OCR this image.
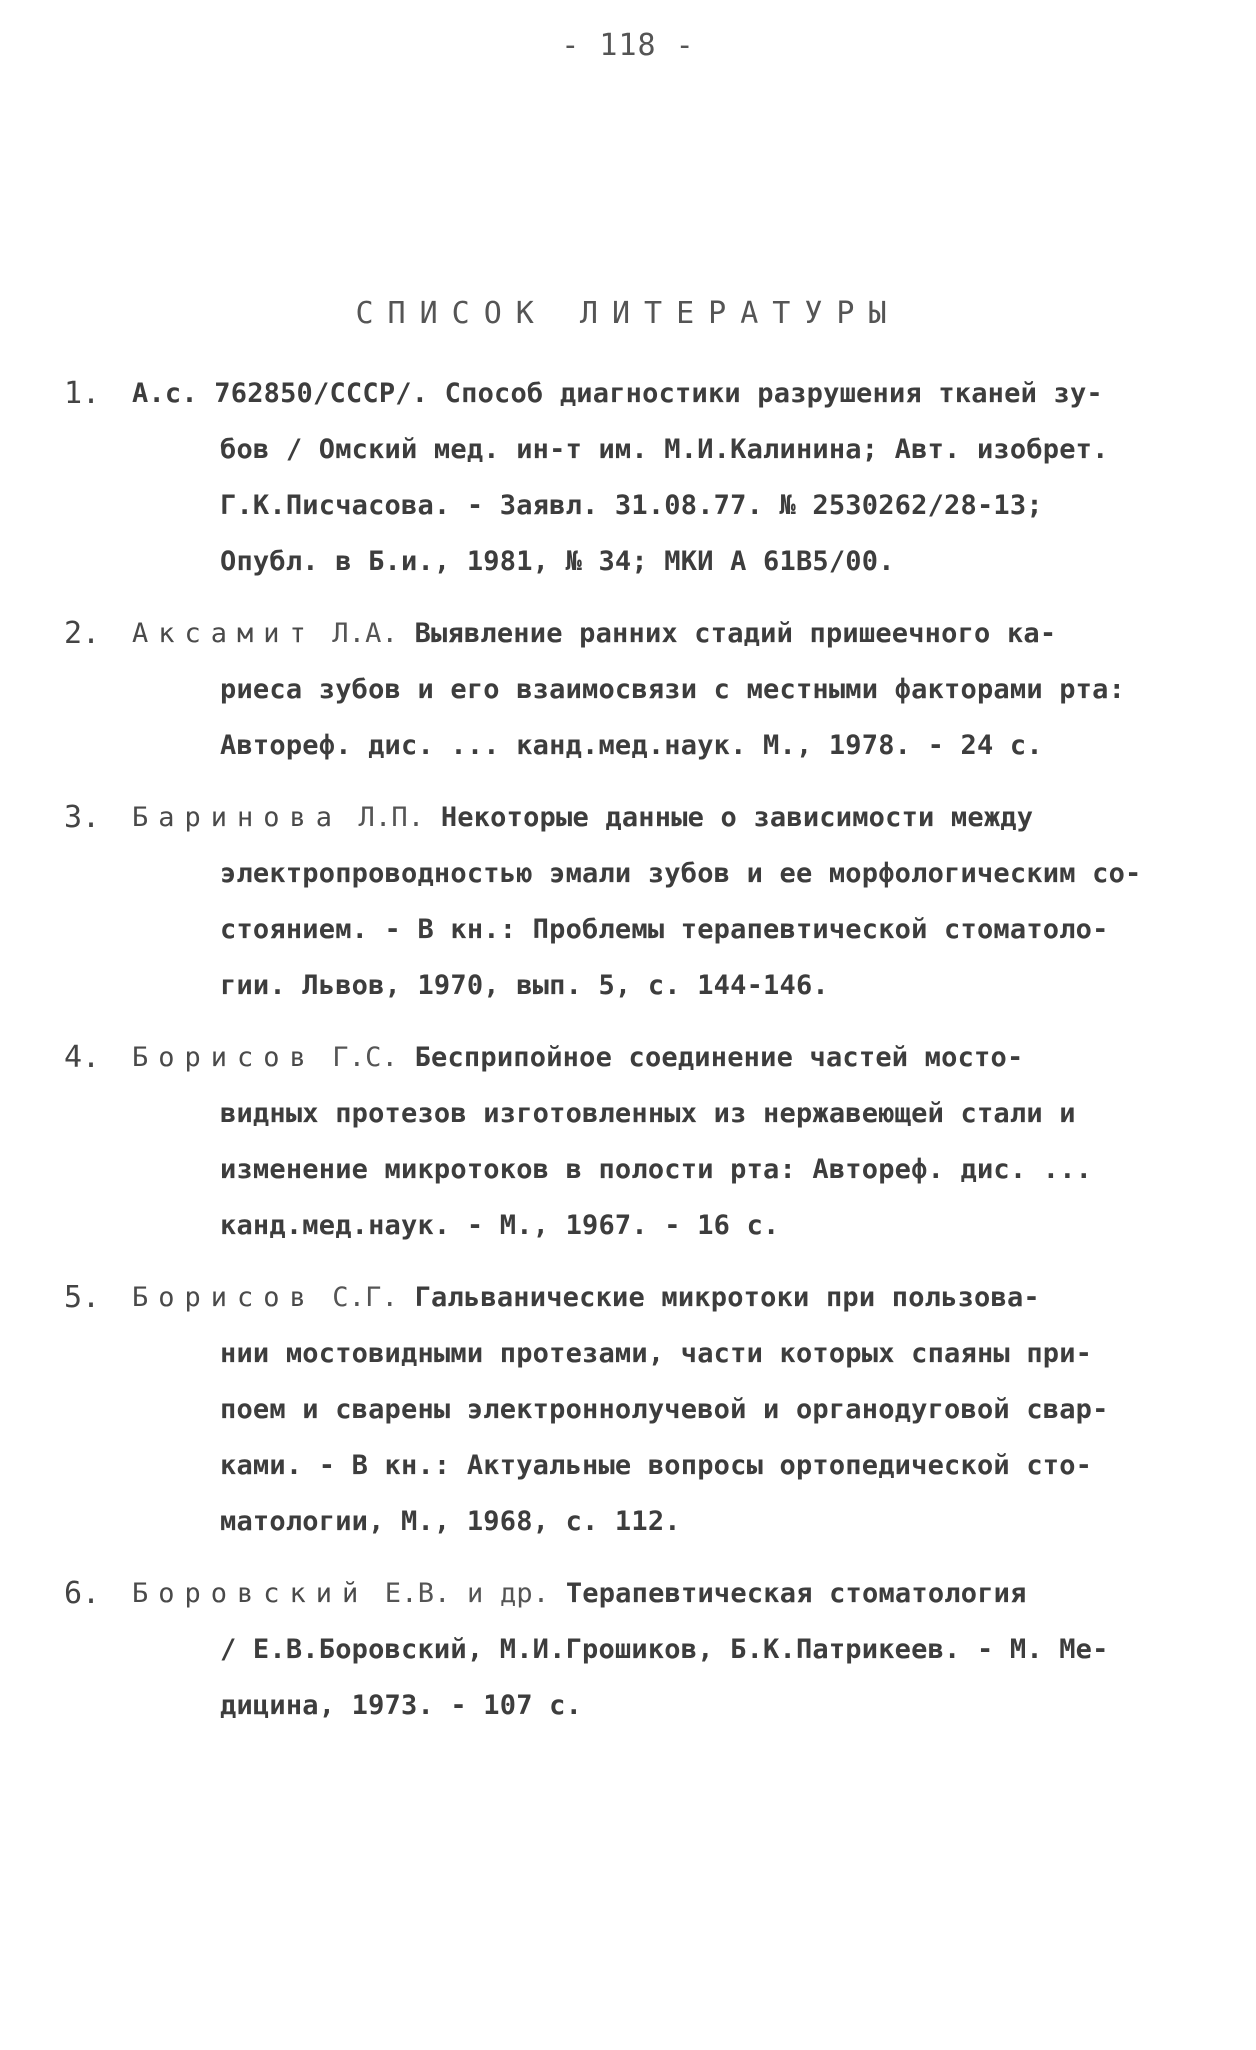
- 118 -
СПИСОК ЛИТЕРАТУРЫ
1. А.с. 762850/СССР/. Способ диагностики разрушения тканей зу-
бов / Омский мед. ин-т им. М.И.Калинина; Авт. изобрет.
Г.К.Писчасова. - Заявл. 31.08.77. № 2530262/28-13;
Опубл. в Б.и., 1981, № 34; МКИ А 61В5/00.
2. Аксамит Л.А. Выявление ранних стадий пришеечного ка-
риеса зубов и его взаимосвязи с местными факторами рта:
Автореф. дис. ... канд.мед.наук. М., 1978. - 24 с.
3. Баринова Л.П. Некоторые данные о зависимости между
электропроводностью эмали зубов и ее морфологическим со-
стоянием. - В кн.: Проблемы терапевтической стоматоло-
гии. Львов, 1970, вып. 5, с. 144-146.
4. Борисов Г.С. Бесприпойное соединение частей мосто-
видных протезов изготовленных из нержавеющей стали и
изменение микротоков в полости рта: Автореф. дис. ...
канд.мед.наук. - М., 1967. - 16 с.
5. Борисов С.Г. Гальванические микротоки при пользова-
нии мостовидными протезами, части которых спаяны при-
поем и сварены электроннолучевой и органодуговой свар-
ками. - В кн.: Актуальные вопросы ортопедической сто-
матологии, М., 1968, с. 112.
6. Боровский Е.В. и др. Терапевтическая стоматология
/ Е.В.Боровский, М.И.Грошиков, Б.К.Патрикеев. - М. Ме-
дицина, 1973. - 107 с.
